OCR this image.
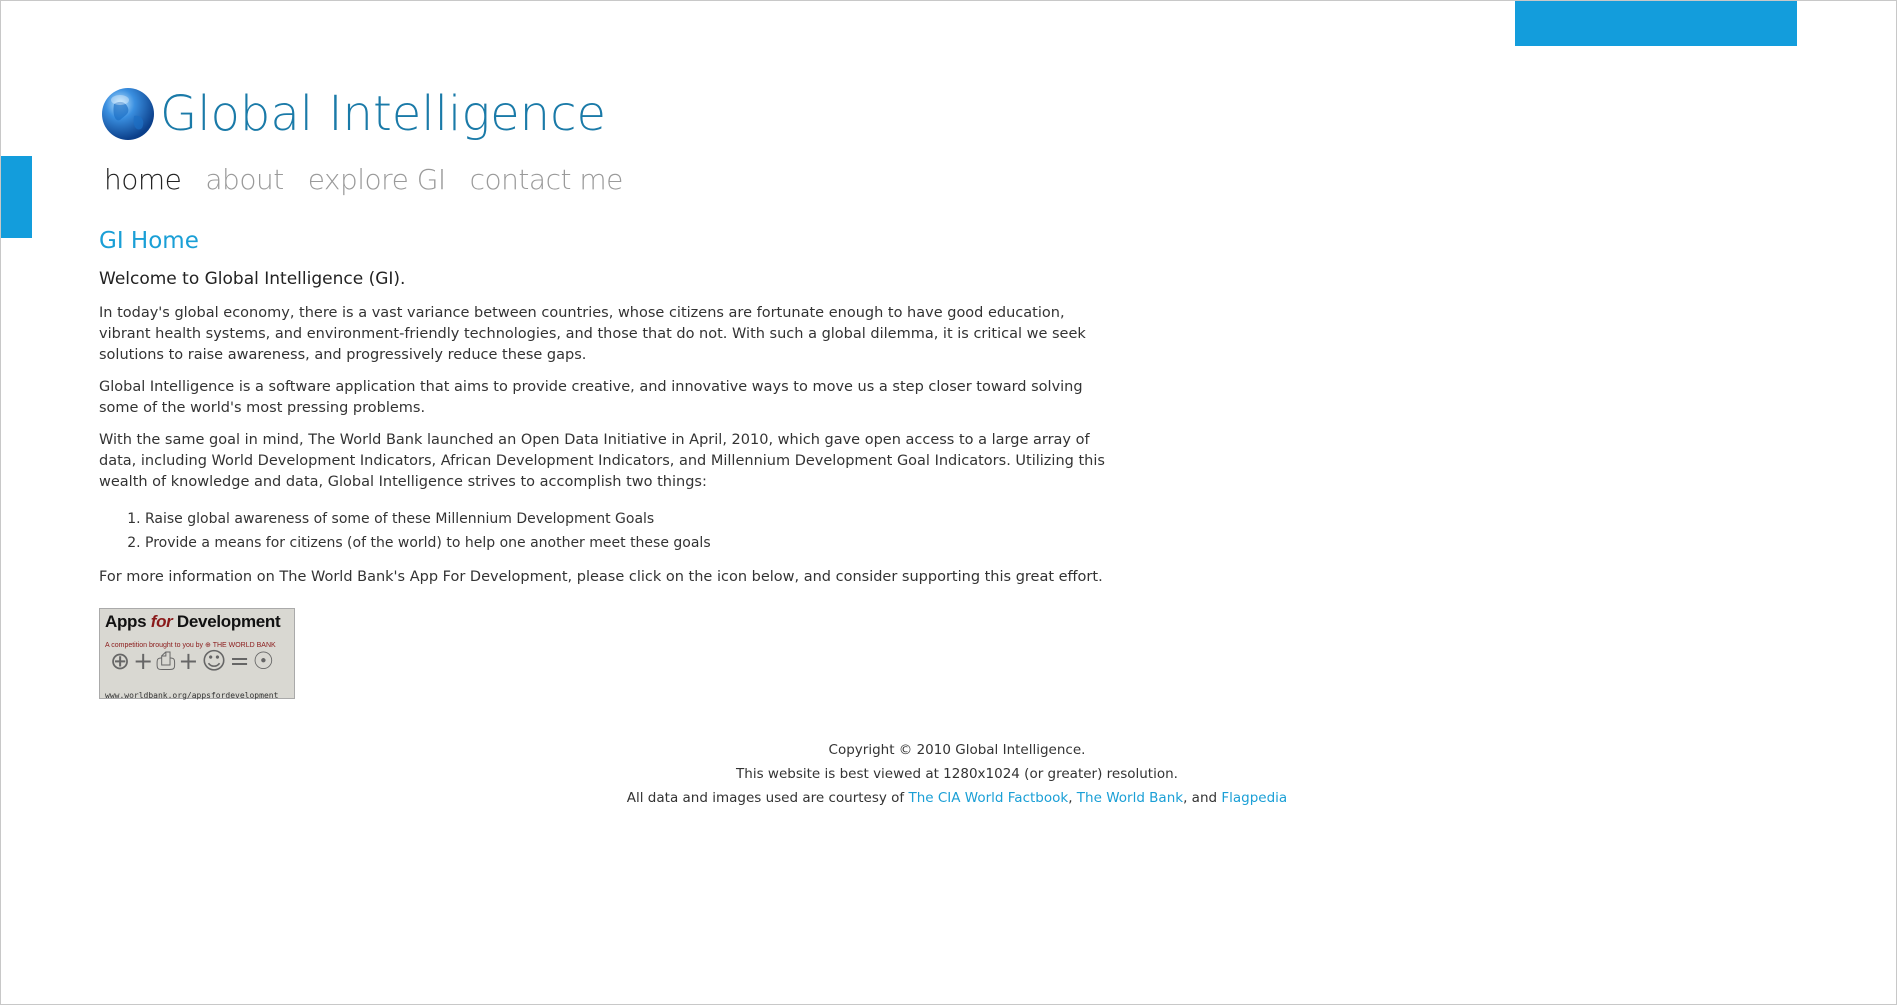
Global Intelligence
home about explore GI contact me
GI Home
Welcome to Global Intelligence (GI).

In today's global economy, there is a vast variance between countries, whose citizens are fortunate enough to have good education, vibrant health systems, and environment-friendly technologies, and those that do not. With such a global dilemma, it is critical we seek solutions to raise awareness, and progressively reduce these gaps.

Global Intelligence is a software application that aims to provide creative, and innovative ways to move us a step closer toward solving some of the world's most pressing problems.

With the same goal in mind, The World Bank launched an Open Data Initiative in April, 2010, which gave open access to a large array of data, including World Development Indicators, African Development Indicators, and Millennium Development Goal Indicators. Utilizing this wealth of knowledge and data, Global Intelligence strives to accomplish two things:

1. Raise global awareness of some of these Millennium Development Goals
2. Provide a means for citizens (of the world) to help one another meet these goals

For more information on The World Bank's App For Development, please click on the icon below, and consider supporting this great effort.

Apps for Development
A competition brought to you by ⊕ THE WORLD BANK
⊕+⎙+☺=☉
www.worldbank.org/appsfordevelopment
Copyright © 2010 Global Intelligence.
This website is best viewed at 1280x1024 (or greater) resolution.
All data and images used are courtesy of The CIA World Factbook, The World Bank, and Flagpedia
